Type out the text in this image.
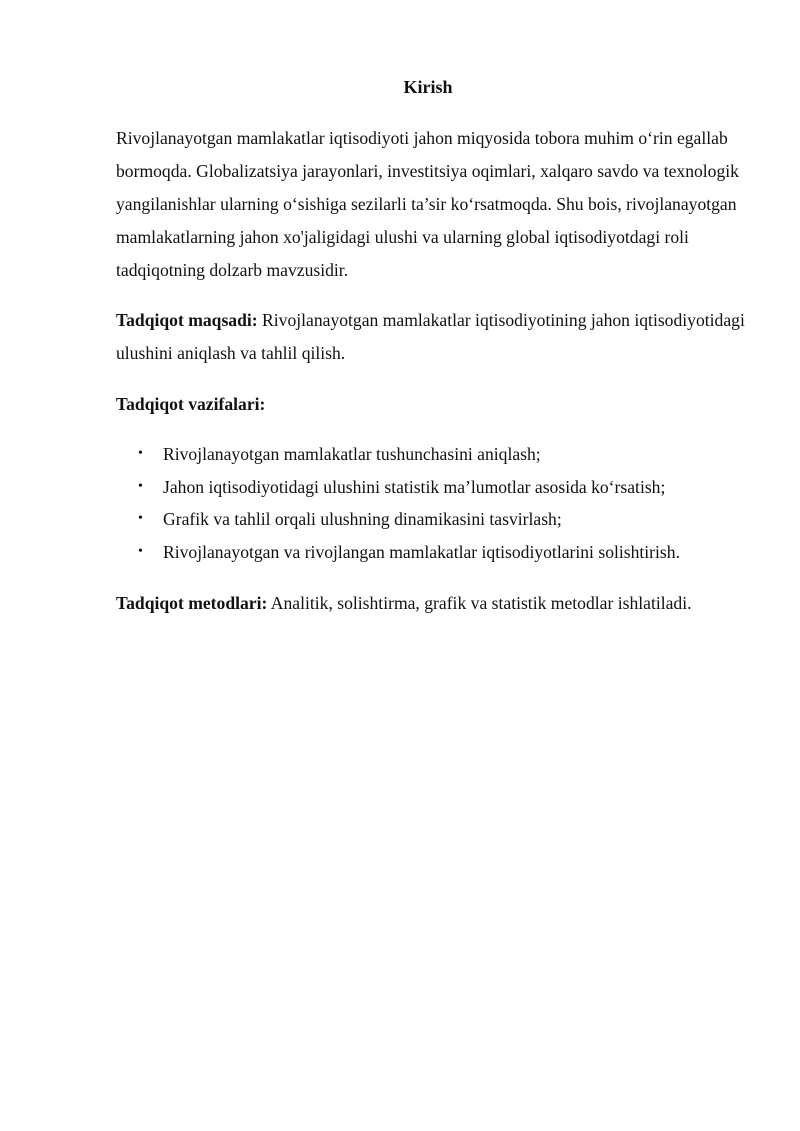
Kirish

Rivojlanayotgan mamlakatlar iqtisodiyoti jahon miqyosida tobora muhim o‘rin egallab bormoqda. Globalizatsiya jarayonlari, investitsiya oqimlari, xalqaro savdo va texnologik yangilanishlar ularning o‘sishiga sezilarli ta’sir ko‘rsatmoqda. Shu bois, rivojlanayotgan mamlakatlarning jahon xo'jaligidagi ulushi va ularning global iqtisodiyotdagi roli tadqiqotning dolzarb mavzusidir.

Tadqiqot maqsadi: Rivojlanayotgan mamlakatlar iqtisodiyotining jahon iqtisodiyotidagi ulushini aniqlash va tahlil qilish.

Tadqiqot vazifalari:
• Rivojlanayotgan mamlakatlar tushunchasini aniqlash;
• Jahon iqtisodiyotidagi ulushini statistik ma’lumotlar asosida ko‘rsatish;
• Grafik va tahlil orqali ulushning dinamikasini tasvirlash;
• Rivojlanayotgan va rivojlangan mamlakatlar iqtisodiyotlarini solishtirish.

Tadqiqot metodlari: Analitik, solishtirma, grafik va statistik metodlar ishlatiladi.
